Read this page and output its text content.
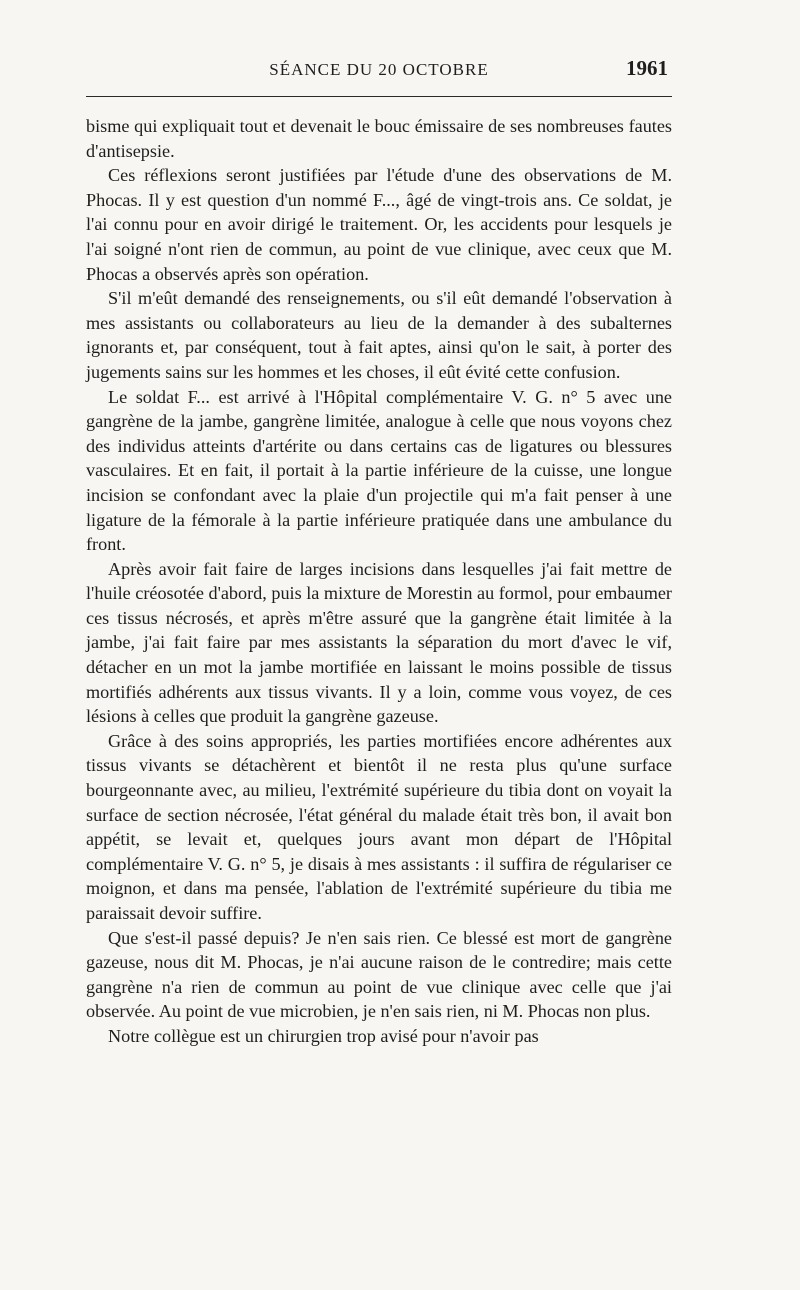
SÉANCE DU 20 OCTOBRE	1961

bisme qui expliquait tout et devenait le bouc émissaire de ses nombreuses fautes d'antisepsie.

Ces réflexions seront justifiées par l'étude d'une des observations de M. Phocas. Il y est question d'un nommé F..., âgé de vingt-trois ans. Ce soldat, je l'ai connu pour en avoir dirigé le traitement. Or, les accidents pour lesquels je l'ai soigné n'ont rien de commun, au point de vue clinique, avec ceux que M. Phocas a observés après son opération.

S'il m'eût demandé des renseignements, ou s'il eût demandé l'observation à mes assistants ou collaborateurs au lieu de la demander à des subalternes ignorants et, par conséquent, tout à fait aptes, ainsi qu'on le sait, à porter des jugements sains sur les hommes et les choses, il eût évité cette confusion.

Le soldat F... est arrivé à l'Hôpital complémentaire V. G. n° 5 avec une gangrène de la jambe, gangrène limitée, analogue à celle que nous voyons chez des individus atteints d'artérite ou dans certains cas de ligatures ou blessures vasculaires. Et en fait, il portait à la partie inférieure de la cuisse, une longue incision se confondant avec la plaie d'un projectile qui m'a fait penser à une ligature de la fémorale à la partie inférieure pratiquée dans une ambulance du front.

Après avoir fait faire de larges incisions dans lesquelles j'ai fait mettre de l'huile créosotée d'abord, puis la mixture de Morestin au formol, pour embaumer ces tissus nécrosés, et après m'être assuré que la gangrène était limitée à la jambe, j'ai fait faire par mes assistants la séparation du mort d'avec le vif, détacher en un mot la jambe mortifiée en laissant le moins possible de tissus mortifiés adhérents aux tissus vivants. Il y a loin, comme vous voyez, de ces lésions à celles que produit la gangrène gazeuse.

Grâce à des soins appropriés, les parties mortifiées encore adhérentes aux tissus vivants se détachèrent et bientôt il ne resta plus qu'une surface bourgeonnante avec, au milieu, l'extrémité supérieure du tibia dont on voyait la surface de section nécrosée, l'état général du malade était très bon, il avait bon appétit, se levait et, quelques jours avant mon départ de l'Hôpital complémentaire V. G. n° 5, je disais à mes assistants : il suffira de régulariser ce moignon, et dans ma pensée, l'ablation de l'extrémité supérieure du tibia me paraissait devoir suffire.

Que s'est-il passé depuis? Je n'en sais rien. Ce blessé est mort de gangrène gazeuse, nous dit M. Phocas, je n'ai aucune raison de le contredire; mais cette gangrène n'a rien de commun au point de vue clinique avec celle que j'ai observée. Au point de vue microbien, je n'en sais rien, ni M. Phocas non plus.

Notre collègue est un chirurgien trop avisé pour n'avoir pas
